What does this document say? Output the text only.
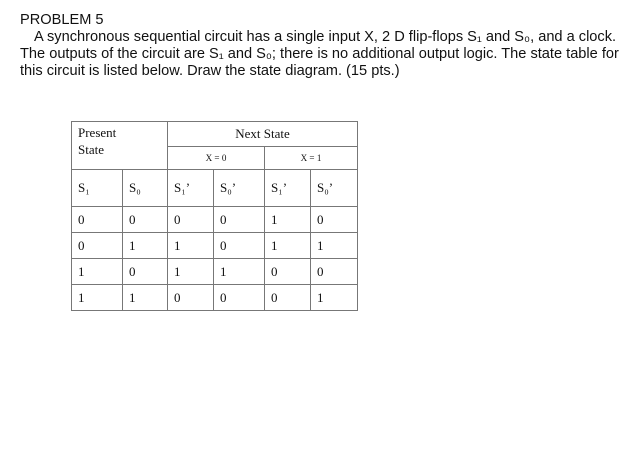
PROBLEM 5

A synchronous sequential circuit has a single input X, 2 D flip-flops S₁ and S₀, and a clock. The outputs of the circuit are S₁ and S₀; there is no additional output logic. The state table for this circuit is listed below. Draw the state diagram. (15 pts.)

Present
State		Next State			
		X = 0		X = 1	
S₁	S₀	S₁’	S₀’	S₁’	S₀’
0	0	0	0	1	0
0	1	1	0	1	1
1	0	1	1	0	0
1	1	0	0	0	1
